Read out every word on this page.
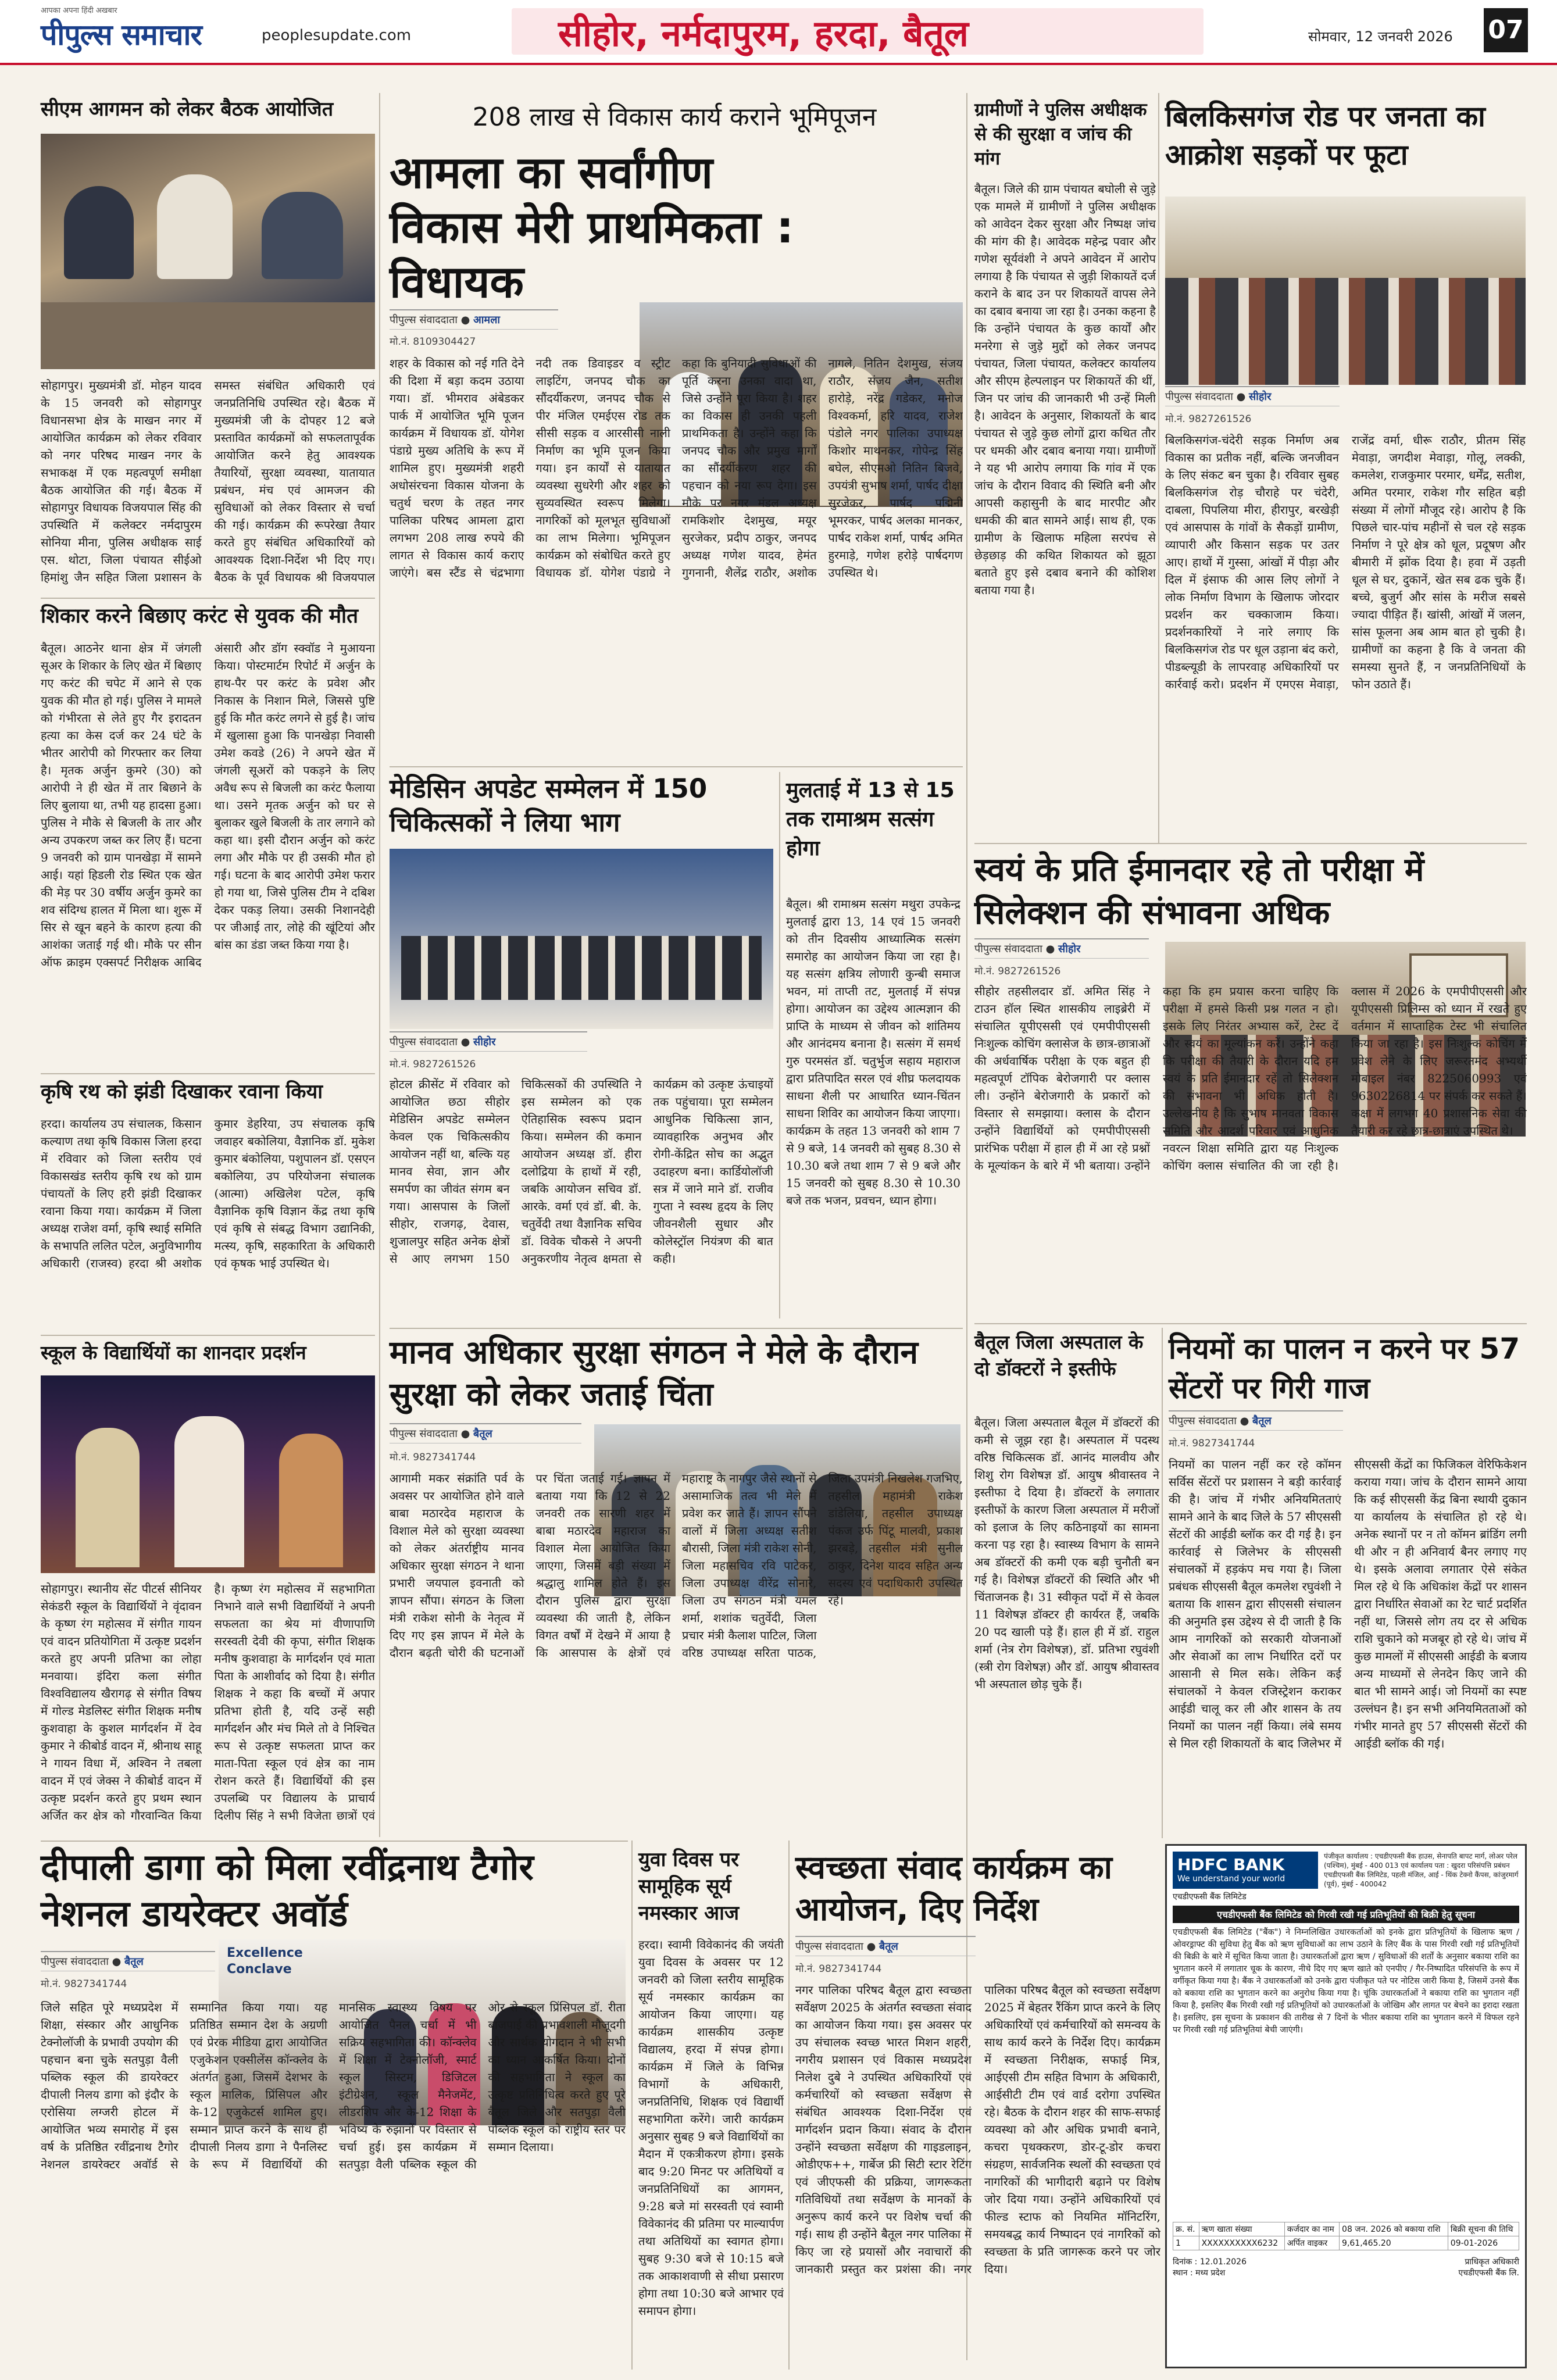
आपका अपना हिंदी अखबार
पीपुल्स समाचार	peoplesupdate.com	सीहोर, नर्मदापुरम, हरदा, बैतूल	सोमवार, 12 जनवरी 2026 07
सीएम आगमन को लेकर बैठक आयोजित
सोहागपुर। मुख्यमंत्री डॉ. मोहन यादव के 15 जनवरी को सोहागपुर विधानसभा क्षेत्र के माखन नगर में आयोजित कार्यक्रम को लेकर रविवार को नगर परिषद माखन नगर के सभाकक्ष में एक महत्वपूर्ण समीक्षा बैठक आयोजित की गई। बैठक में सोहागपुर विधायक विजयपाल सिंह की उपस्थिति में कलेक्टर नर्मदापुरम सोनिया मीना, पुलिस अधीक्षक साई एस. थोटा, जिला पंचायत सीईओ हिमांशु जैन सहित जिला प्रशासन के समस्त संबंधित अधिकारी एवं जनप्रतिनिधि उपस्थित रहे। बैठक में मुख्यमंत्री जी के दोपहर 12 बजे प्रस्तावित कार्यक्रमों को सफलतापूर्वक आयोजित करने हेतु आवश्यक तैयारियों, सुरक्षा व्यवस्था, यातायात प्रबंधन, मंच एवं आमजन की सुविधाओं को लेकर विस्तार से चर्चा की गई। कार्यक्रम की रूपरेखा तैयार करते हुए संबंधित अधिकारियों को आवश्यक दिशा-निर्देश भी दिए गए। बैठक के पूर्व विधायक श्री विजयपाल
शिकार करने बिछाए करंट से युवक की मौत
बैतूल। आठनेर थाना क्षेत्र में जंगली सूअर के शिकार के लिए खेत में बिछाए गए करंट की चपेट में आने से एक युवक की मौत हो गई। पुलिस ने मामले को गंभीरता से लेते हुए गैर इरादतन हत्या का केस दर्ज कर 24 घंटे के भीतर आरोपी को गिरफ्तार कर लिया है। मृतक अर्जुन कुमरे (30) को आरोपी ने ही खेत में तार बिछाने के लिए बुलाया था, तभी यह हादसा हुआ। पुलिस ने मौके से बिजली के तार और अन्य उपकरण जब्त कर लिए हैं। घटना 9 जनवरी को ग्राम पानखेड़ा में सामने आई। यहां हिडली रोड स्थित एक खेत की मेड़ पर 30 वर्षीय अर्जुन कुमरे का शव संदिग्ध हालत में मिला था। शुरू में सिर से खून बहने के कारण हत्या की आशंका जताई गई थी। मौके पर सीन ऑफ क्राइम एक्सपर्ट निरीक्षक आबिद अंसारी और डॉग स्क्वॉड ने मुआयना किया। पोस्टमार्टम रिपोर्ट में अर्जुन के हाथ-पैर पर करंट के प्रवेश और निकास के निशान मिले, जिससे पुष्टि हुई कि मौत करंट लगने से हुई है। जांच में खुलासा हुआ कि पानखेड़ा निवासी उमेश कवडे (26) ने अपने खेत में जंगली सूअरों को पकड़ने के लिए अवैध रूप से बिजली का करंट फैलाया था। उसने मृतक अर्जुन को घर से बुलाकर खुले बिजली के तार लगाने को कहा था। इसी दौरान अर्जुन को करंट लगा और मौके पर ही उसकी मौत हो गई। घटना के बाद आरोपी उमेश फरार हो गया था, जिसे पुलिस टीम ने दबिश देकर पकड़ लिया। उसकी निशानदेही पर जीआई तार, लोहे की खूंटियां और बांस का डंडा जब्त किया गया है।
कृषि रथ को झंडी दिखाकर रवाना किया
हरदा। कार्यालय उप संचालक, किसान कल्याण तथा कृषि विकास जिला हरदा में रविवार को जिला स्तरीय एवं विकासखंड स्तरीय कृषि रथ को ग्राम पंचायतों के लिए हरी झंडी दिखाकर रवाना किया गया। कार्यक्रम में जिला अध्यक्ष राजेश वर्मा, कृषि स्थाई समिति के सभापति ललित पटेल, अनुविभागीय अधिकारी (राजस्व) हरदा श्री अशोक कुमार डेहरिया, उप संचालक कृषि जवाहर बकोलिया, वैज्ञानिक डॉ. मुकेश कुमार बंकोलिया, पशुपालन डॉ. एसएन बकोलिया, उप परियोजना संचालक (आत्मा) अखिलेश पटेल, कृषि वैज्ञानिक कृषि विज्ञान केंद्र तथा कृषि एवं कृषि से संबद्ध विभाग उद्यानिकी, मत्स्य, कृषि, सहकारिता के अधिकारी एवं कृषक भाई उपस्थित थे।
स्कूल के विद्यार्थियों का शानदार प्रदर्शन
सोहागपुर। स्थानीय सेंट पीटर्स सीनियर सेकंडरी स्कूल के विद्यार्थियों ने वृंदावन के कृष्ण रंग महोत्सव में संगीत गायन एवं वादन प्रतियोगिता में उत्कृष्ट प्रदर्शन करते हुए अपनी प्रतिभा का लोहा मनवाया। इंदिरा कला संगीत विश्वविद्यालय खैरागढ़ से संगीत विषय में गोल्ड मेडलिस्ट संगीत शिक्षक मनीष कुशवाहा के कुशल मार्गदर्शन में देव कुमार ने कीबोर्ड वादन में, श्रीनाथ साहू ने गायन विधा में, अश्विन ने तबला वादन में एवं जेक्स ने कीबोर्ड वादन में उत्कृष्ट प्रदर्शन करते हुए प्रथम स्थान अर्जित कर क्षेत्र को गौरवान्वित किया है। कृष्ण रंग महोत्सव में सहभागिता निभाने वाले सभी विद्यार्थियों ने अपनी सफलता का श्रेय मां वीणापाणि सरस्वती देवी की कृपा, संगीत शिक्षक मनीष कुशवाहा के मार्गदर्शन एवं माता पिता के आशीर्वाद को दिया है। संगीत शिक्षक ने कहा कि बच्चों में अपार प्रतिभा होती है, यदि उन्हें सही मार्गदर्शन और मंच मिले तो वे निश्चित रूप से उत्कृष्ट सफलता प्राप्त कर माता-पिता स्कूल एवं क्षेत्र का नाम रोशन करते हैं। विद्यार्थियों की इस उपलब्धि पर विद्यालय के प्राचार्य दिलीप सिंह ने सभी विजेता छात्रों एवं
208 लाख से विकास कार्य कराने भूमिपूजन
आमला का सर्वांगीण विकास मेरी प्राथमिकता : विधायक
पीपुल्स संवाददाता ● आमला
मो.नं. 8109304427
शहर के विकास को नई गति देने की दिशा में बड़ा कदम उठाया गया। डॉ. भीमराव अंबेडकर पार्क में आयोजित भूमि पूजन कार्यक्रम में विधायक डॉ. योगेश पंडाग्रे मुख्य अतिथि के रूप में शामिल हुए। मुख्यमंत्री शहरी अधोसंरचना विकास योजना के चतुर्थ चरण के तहत नगर पालिका परिषद आमला द्वारा लगभग 208 लाख रुपये की लागत से विकास कार्य कराए जाएंगे। बस स्टैंड से चंद्रभागा नदी तक डिवाइडर व स्ट्रीट लाइटिंग, जनपद चौक का सौंदर्यीकरण, जनपद चौक से पीर मंजिल एमईएस रोड तक सीसी सड़क व आरसीसी नाली निर्माण का भूमि पूजन किया गया। इन कार्यों से यातायात व्यवस्था सुधरेगी और शहर को सुव्यवस्थित स्वरूप मिलेगा। नागरिकों को मूलभूत सुविधाओं का लाभ मिलेगा। भूमिपूजन कार्यक्रम को संबोधित करते हुए विधायक डॉ. योगेश पंडाग्रे ने कहा कि बुनियादी सुविधाओं की पूर्ति करना उनका वादा था, जिसे उन्होंने पूरा किया है। शहर का विकास ही उनकी पहली प्राथमिकता है। उन्होंने कहा कि जनपद चौक और प्रमुख मार्गों का सौंदर्यीकरण शहर की पहचान को नया रूप देगा। इस मौके पर नगर मंडल अध्यक्ष रामकिशोर देशमुख, मयूर सुरजेकर, प्रदीप ठाकुर, जनपद अध्यक्ष गणेश यादव, हेमंत गुगनानी, शैलेंद्र राठौर, अशोक नागले, नितिन देशमुख, संजय राठौर, संजय जैन, सतीश हारोड़े, नरेंद्र गडेकर, मनोज विश्वकर्मा, हरि यादव, राजेश पंडोले नगर पालिका उपाध्यक्ष किशोर माथनकर, गोपेन्द्र सिंह बघेल, सीएमओ नितिन बिजवे, उपयंत्री सुभाष शर्मा, पार्षद दीक्षा सुरजेकर, पार्षद पद्मिनी भूमरकर, पार्षद अलका मानकर, पार्षद राकेश शर्मा, पार्षद अमित हुरमाड़े, गणेश हरोड़े पार्षदगण उपस्थित थे।
मेडिसिन अपडेट सम्मेलन में 150 चिकित्सकों ने लिया भाग
पीपुल्स संवाददाता ● सीहोर
मो.नं. 9827261526
होटल क्रीसेंट में रविवार को आयोजित छठा सीहोर मेडिसिन अपडेट सम्मेलन केवल एक चिकित्सकीय आयोजन नहीं था, बल्कि यह मानव सेवा, ज्ञान और समर्पण का जीवंत संगम बन गया। आसपास के जिलों सीहोर, राजगढ़, देवास, शुजालपुर सहित अनेक क्षेत्रों से आए लगभग 150 चिकित्सकों की उपस्थिति ने इस सम्मेलन को एक ऐतिहासिक स्वरूप प्रदान किया। सम्मेलन की कमान आयोजन अध्यक्ष डॉ. हीरा दलोद्रिया के हाथों में रही, जबकि आयोजन सचिव डॉ. आरके. वर्मा एवं डॉ. बी. के. चतुर्वेदी तथा वैज्ञानिक सचिव डॉ. विवेक चौकसे ने अपनी अनुकरणीय नेतृत्व क्षमता से कार्यक्रम को उत्कृष्ट ऊंचाइयों तक पहुंचाया। पूरा सम्मेलन आधुनिक चिकित्सा ज्ञान, व्यावहारिक अनुभव और रोगी-केंद्रित सोच का अद्भुत उदाहरण बना। कार्डियोलॉजी सत्र में जाने माने डॉ. राजीव गुप्ता ने स्वस्थ हृदय के लिए जीवनशैली सुधार और कोलेस्ट्रॉल नियंत्रण की बात कही।
मुलताई में 13 से 15 तक रामाश्रम सत्संग होगा
बैतूल। श्री रामाश्रम सत्संग मथुरा उपकेन्द्र मुलताई द्वारा 13, 14 एवं 15 जनवरी को तीन दिवसीय आध्यात्मिक सत्संग समारोह का आयोजन किया जा रहा है। यह सत्संग क्षत्रिय लोणारी कुन्बी समाज भवन, मां ताप्ती तट, मुलताई में संपन्न होगा। आयोजन का उद्देश्य आत्मज्ञान की प्राप्ति के माध्यम से जीवन को शांतिमय और आनंदमय बनाना है। सत्संग में समर्थ गुरु परमसंत डॉ. चतुर्भुज सहाय महाराज द्वारा प्रतिपादित सरल एवं शीघ्र फलदायक साधना शैली पर आधारित ध्यान-चिंतन साधना शिविर का आयोजन किया जाएगा। कार्यक्रम के तहत 13 जनवरी को शाम 7 से 9 बजे, 14 जनवरी को सुबह 8.30 से 10.30 बजे तथा शाम 7 से 9 बजे और 15 जनवरी को सुबह 8.30 से 10.30 बजे तक भजन, प्रवचन, ध्यान होगा।
मानव अधिकार सुरक्षा संगठन ने मेले के दौरान सुरक्षा को लेकर जताई चिंता
पीपुल्स संवाददाता ● बैतूल
मो.नं. 9827341744
आगामी मकर संक्रांति पर्व के अवसर पर आयोजित होने वाले बाबा मठारदेव महाराज के विशाल मेले को सुरक्षा व्यवस्था को लेकर अंतर्राष्ट्रीय मानव अधिकार सुरक्षा संगठन ने थाना प्रभारी जयपाल इवनाती को ज्ञापन सौंपा। संगठन के जिला मंत्री राकेश सोनी के नेतृत्व में दिए गए इस ज्ञापन में मेले के दौरान बढ़ती चोरी की घटनाओं पर चिंता जताई गई। ज्ञापन में बताया गया कि 12 से 22 जनवरी तक सारणी शहर में बाबा मठारदेव महाराज का विशाल मेला आयोजित किया जाएगा, जिसमें बड़ी संख्या में श्रद्धालु शामिल होते हैं। इस दौरान पुलिस द्वारा सुरक्षा व्यवस्था की जाती है, लेकिन विगत वर्षों में देखने में आया है कि आसपास के क्षेत्रों एवं महाराष्ट्र के नागपुर जैसे स्थानों से असामाजिक तत्व भी मेले में प्रवेश कर जाते हैं। ज्ञापन सौंपने वालों में जिला अध्यक्ष सतीश बौरासी, जिला मंत्री राकेश सोनी, जिला महासचिव रवि पाटेकर, जिला उपाध्यक्ष वीरेंद्र सोनारे, जिला उप संगठन मंत्री यमल शर्मा, शशांक चतुर्वेदी, जिला प्रचार मंत्री कैलाश पाटिल, जिला वरिष्ठ उपाध्यक्ष सरिता पाठक, जिला उपमंत्री निखलेश गजभिए, तहसील महामंत्री राकेश डांडेलिया, तहसील उपाध्यक्ष पंकज उर्फ पिंटू मालवी, प्रकाश झरबड़े, तहसील मंत्री सुनील ठाकुर, दिनेश यादव सहित अन्य सदस्य एवं पदाधिकारी उपस्थित रहे।
दीपाली डागा को मिला रवींद्रनाथ टैगोर नेशनल डायरेक्टर अवॉर्ड
पीपुल्स संवाददाता ● बैतूल
मो.नं. 9827341744
Excellence Conclave
जिले सहित पूरे मध्यप्रदेश में शिक्षा, संस्कार और आधुनिक टेक्नोलॉजी के प्रभावी उपयोग की पहचान बना चुके सतपुड़ा वैली पब्लिक स्कूल की डायरेक्टर दीपाली निलय डागा को इंदौर के एरोसिया लग्जरी होटल में आयोजित भव्य समारोह में इस वर्ष के प्रतिष्ठित रवींद्रनाथ टैगोर नेशनल डायरेक्टर अवॉर्ड से सम्मानित किया गया। यह प्रतिष्ठित सम्मान देश के अग्रणी एवं प्रेरक मीडिया द्वारा आयोजित एजुकेशन एक्सीलेंस कॉन्क्लेव के अंतर्गत हुआ, जिसमें देशभर के स्कूल मालिक, प्रिंसिपल और के-12 एजुकेटर्स शामिल हुए। सम्मान प्राप्त करने के साथ ही दीपाली निलय डागा ने पैनलिस्ट के रूप में विद्यार्थियों की मानसिक स्वास्थ्य विषय पर आयोजित पैनल चर्चा में भी सक्रिय सहभागिता की। कॉन्क्लेव में शिक्षा में टेक्नोलॉजी, स्मार्ट स्कूल सिस्टम, डिजिटल इंटीग्रेशन, स्कूल मैनेजमेंट, लीडरशिप और के-12 शिक्षा के भविष्य के रुझानों पर विस्तार से चर्चा हुई। इस कार्यक्रम में सतपुड़ा वैली पब्लिक स्कूल की ओर से स्कूल प्रिंसिपल डॉ. रीता बाजपाई की प्रभावशाली मौजूदगी और सार्थक योगदान ने भी सभी का ध्यान आकर्षित किया। दोनों की सहभागिता ने स्कूल का उत्कृष्ट प्रतिनिधित्व करते हुए पूरे बैतूल जिले और सतपुड़ा वैली पब्लिक स्कूल को राष्ट्रीय स्तर पर सम्मान दिलाया।
युवा दिवस पर सामूहिक सूर्य नमस्कार आज
हरदा। स्वामी विवेकानंद की जयंती युवा दिवस के अवसर पर 12 जनवरी को जिला स्तरीय सामूहिक सूर्य नमस्कार कार्यक्रम का आयोजन किया जाएगा। यह कार्यक्रम शासकीय उत्कृष्ट विद्यालय, हरदा में संपन्न होगा। कार्यक्रम में जिले के विभिन्न विभागों के अधिकारी, जनप्रतिनिधि, शिक्षक एवं विद्यार्थी सहभागिता करेंगे। जारी कार्यक्रम अनुसार सुबह 9 बजे विद्यार्थियों का मैदान में एकत्रीकरण होगा। इसके बाद 9:20 मिनट पर अतिथियों व जनप्रतिनिधियों का आगमन, 9:28 बजे मां सरस्वती एवं स्वामी विवेकानंद की प्रतिमा पर माल्यार्पण तथा अतिथियों का स्वागत होगा। सुबह 9:30 बजे से 10:15 बजे तक आकाशवाणी से सीधा प्रसारण होगा तथा 10:30 बजे आभार एवं समापन होगा।
स्वच्छता संवाद कार्यक्रम का आयोजन, दिए निर्देश
पीपुल्स संवाददाता ● बैतूल
मो.नं. 9827341744
नगर पालिका परिषद बैतूल द्वारा स्वच्छता सर्वेक्षण 2025 के अंतर्गत स्वच्छता संवाद का आयोजन किया गया। इस अवसर पर उप संचालक स्वच्छ भारत मिशन शहरी, नगरीय प्रशासन एवं विकास मध्यप्रदेश निलेश दुबे ने उपस्थित अधिकारियों एवं कर्मचारियों को स्वच्छता सर्वेक्षण से संबंधित आवश्यक दिशा-निर्देश एवं मार्गदर्शन प्रदान किया। संवाद के दौरान उन्होंने स्वच्छता सर्वेक्षण की गाइडलाइन, ओडीएफ++, गार्बेज फ्री सिटी स्टार रेटिंग एवं जीएफसी की प्रक्रिया, जागरूकता गतिविधियों तथा सर्वेक्षण के मानकों के अनुरूप कार्य करने पर विशेष चर्चा की गई। साथ ही उन्होंने बैतूल नगर पालिका में किए जा रहे प्रयासों और नवाचारों की जानकारी प्रस्तुत कर प्रशंसा की। नगर पालिका परिषद बैतूल को स्वच्छता सर्वेक्षण 2025 में बेहतर रैंकिंग प्राप्त करने के लिए अधिकारियों एवं कर्मचारियों को समन्वय के साथ कार्य करने के निर्देश दिए। कार्यक्रम में स्वच्छता निरीक्षक, सफाई मित्र, आईएसी टीम सहित विभाग के अधिकारी, आईसीटी टीम एवं वार्ड दरोगा उपस्थित रहे। बैठक के दौरान शहर की साफ-सफाई व्यवस्था को और अधिक प्रभावी बनाने, कचरा पृथक्करण, डोर-टू-डोर कचरा संग्रहण, सार्वजनिक स्थलों की स्वच्छता एवं नागरिकों की भागीदारी बढ़ाने पर विशेष जोर दिया गया। उन्होंने अधिकारियों एवं फील्ड स्टाफ को नियमित मॉनिटरिंग, समयबद्ध कार्य निष्पादन एवं नागरिकों को स्वच्छता के प्रति जागरूक करने पर जोर दिया।
ग्रामीणों ने पुलिस अधीक्षक से की सुरक्षा व जांच की मांग
बैतूल। जिले की ग्राम पंचायत बघोली से जुड़े एक मामले में ग्रामीणों ने पुलिस अधीक्षक को आवेदन देकर सुरक्षा और निष्पक्ष जांच की मांग की है। आवेदक महेन्द्र पवार और गणेश सूर्यवंशी ने अपने आवेदन में आरोप लगाया है कि पंचायत से जुड़ी शिकायतें दर्ज कराने के बाद उन पर शिकायतें वापस लेने का दबाव बनाया जा रहा है। उनका कहना है कि उन्होंने पंचायत के कुछ कार्यों और मनरेगा से जुड़े मुद्दों को लेकर जनपद पंचायत, जिला पंचायत, कलेक्टर कार्यालय और सीएम हेल्पलाइन पर शिकायतें की थीं, जिन पर जांच की जानकारी भी उन्हें मिली है। आवेदन के अनुसार, शिकायतों के बाद पंचायत से जुड़े कुछ लोगों द्वारा कथित तौर पर धमकी और दबाव बनाया गया। ग्रामीणों ने यह भी आरोप लगाया कि गांव में एक जांच के दौरान विवाद की स्थिति बनी और आपसी कहासुनी के बाद मारपीट और धमकी की बात सामने आई। साथ ही, एक ग्रामीण के खिलाफ महिला सरपंच से छेड़छाड़ की कथित शिकायत को झूठा बताते हुए इसे दबाव बनाने की कोशिश बताया गया है।
बिलकिसगंज रोड पर जनता का आक्रोश सड़कों पर फूटा
पीपुल्स संवाददाता ● सीहोर
मो.नं. 9827261526
बिलकिसगंज-चंदेरी सड़क निर्माण अब विकास का प्रतीक नहीं, बल्कि जनजीवन के लिए संकट बन चुका है। रविवार सुबह बिलकिसगंज रोड़ चौराहे पर चंदेरी, दाबला, पिपलिया मीरा, हीरापुर, बरखेड़ी एवं आसपास के गांवों के सैकड़ों ग्रामीण, व्यापारी और किसान सड़क पर उतर आए। हाथों में गुस्सा, आंखों में पीड़ा और दिल में इंसाफ की आस लिए लोगों ने लोक निर्माण विभाग के खिलाफ जोरदार प्रदर्शन कर चक्काजाम किया। प्रदर्शनकारियों ने नारे लगाए कि बिलकिसगंज रोड पर धूल उड़ाना बंद करो, पीडब्ल्यूडी के लापरवाह अधिकारियों पर कार्रवाई करो। प्रदर्शन में एमएस मेवाड़ा, राजेंद्र वर्मा, धीरू राठौर, प्रीतम सिंह मेवाड़ा, जगदीश मेवाड़ा, गोलू, लक्की, कमलेश, राजकुमार परमार, धर्मेंद्र, सतीश, अमित परमार, राकेश गौर सहित बड़ी संख्या में लोगों मौजूद रहे। आरोप है कि पिछले चार-पांच महीनों से चल रहे सड़क निर्माण ने पूरे क्षेत्र को धूल, प्रदूषण और बीमारी में झोंक दिया है। हवा में उड़ती धूल से घर, दुकानें, खेत सब ढक चुके हैं। बच्चे, बुजुर्ग और सांस के मरीज सबसे ज्यादा पीड़ित हैं। खांसी, आंखों में जलन, सांस फूलना अब आम बात हो चुकी है। ग्रामीणों का कहना है कि वे जनता की समस्या सुनते हैं, न जनप्रतिनिधियों के फोन उठाते हैं।
स्वयं के प्रति ईमानदार रहे तो परीक्षा में सिलेक्शन की संभावना अधिक
पीपुल्स संवाददाता ● सीहोर
मो.नं. 9827261526
सीहोर तहसीलदार डॉ. अमित सिंह ने टाउन हॉल स्थित शासकीय लाइब्रेरी में संचालित यूपीएससी एवं एमपीपीएससी निःशुल्क कोचिंग क्लासेज के छात्र-छात्राओं की अर्धवार्षिक परीक्षा के एक बहुत ही महत्वपूर्ण टॉपिक बेरोजगारी पर क्लास ली। उन्होंने बेरोजगारी के प्रकारों को विस्तार से समझाया। क्लास के दौरान उन्होंने विद्यार्थियों को एमपीपीएससी प्रारंभिक परीक्षा में हाल ही में आ रहे प्रश्नों के मूल्यांकन के बारे में भी बताया। उन्होंने कहा कि हम प्रयास करना चाहिए कि परीक्षा में हमसे किसी प्रश्न गलत न हो। इसके लिए निरंतर अभ्यास करें, टेस्ट दें और स्वयं का मूल्यांकन करें। उन्होंने कहा कि परीक्षा की तैयारी के दौरान यदि हम स्वयं के प्रति ईमानदार रहें तो सिलेक्शन की संभावना भी अधिक होती है। उल्लेखनीय है कि सुभाष मानवता विकास समिति और आदर्श परिवार एवं आधुनिक नवरत्न शिक्षा समिति द्वारा यह निःशुल्क कोचिंग क्लास संचालित की जा रही है। क्लास में 2026 के एमपीपीएससी और यूपीएससी प्रिलिम्स को ध्यान में रखते हुए वर्तमान में साप्ताहिक टेस्ट भी संचालित किया जा रहा है। इस निःशुल्क कोचिंग में प्रवेश लेने के लिए जरूरतमंद अभ्यर्थी मोबाइल नंबर 8225060993 एवं 9630226814 पर संपर्क कर सकते हैं। कक्षा में लगभग 40 प्रशासनिक सेवा की तैयारी कर रहे छात्र-छात्राएं उपस्थित थे।
बैतूल जिला अस्पताल के दो डॉक्टरों ने इस्तीफे
बैतूल। जिला अस्पताल बैतूल में डॉक्टरों की कमी से जूझ रहा है। अस्पताल में पदस्थ वरिष्ठ चिकित्सक डॉ. आनंद मालवीय और शिशु रोग विशेषज्ञ डॉ. आयुष श्रीवास्तव ने इस्तीफा दे दिया है। डॉक्टरों के लगातार इस्तीफों के कारण जिला अस्पताल में मरीजों को इलाज के लिए कठिनाइयों का सामना करना पड़ रहा है। स्वास्थ्य विभाग के सामने अब डॉक्टरों की कमी एक बड़ी चुनौती बन गई है। विशेषज्ञ डॉक्टरों की स्थिति और भी चिंताजनक है। 31 स्वीकृत पदों में से केवल 11 विशेषज्ञ डॉक्टर ही कार्यरत हैं, जबकि 20 पद खाली पड़े हैं। हाल ही में डॉ. राहुल शर्मा (नेत्र रोग विशेषज्ञ), डॉ. प्रतिभा रघुवंशी (स्त्री रोग विशेषज्ञ) और डॉ. आयुष श्रीवास्तव भी अस्पताल छोड़ चुके हैं।
नियमों का पालन न करने पर 57 सेंटरों पर गिरी गाज
पीपुल्स संवाददाता ● बैतूल
मो.नं. 9827341744
नियमों का पालन नहीं कर रहे कॉमन सर्विस सेंटरों पर प्रशासन ने बड़ी कार्रवाई की है। जांच में गंभीर अनियमितताएं सामने आने के बाद जिले के 57 सीएससी सेंटरों की आईडी ब्लॉक कर दी गई है। इन कार्रवाई से जिलेभर के सीएससी संचालकों में हड़कंप मच गया है। जिला प्रबंधक सीएससी बैतूल कमलेश रघुवंशी ने बताया कि शासन द्वारा सीएससी संचालन की अनुमति इस उद्देश्य से दी जाती है कि आम नागरिकों को सरकारी योजनाओं और सेवाओं का लाभ निर्धारित दरों पर आसानी से मिल सके। लेकिन कई संचालकों ने केवल रजिस्ट्रेशन कराकर आईडी चालू कर ली और शासन के तय नियमों का पालन नहीं किया। लंबे समय से मिल रही शिकायतों के बाद जिलेभर में सीएससी केंद्रों का फिजिकल वेरिफिकेशन कराया गया। जांच के दौरान सामने आया कि कई सीएससी केंद्र बिना स्थायी दुकान या कार्यालय के संचालित हो रहे थे। अनेक स्थानों पर न तो कॉमन ब्रांडिंग लगी थी और न ही अनिवार्य बैनर लगाए गए थे। इसके अलावा लगातार ऐसे संकेत मिल रहे थे कि अधिकांश केंद्रों पर शासन द्वारा निर्धारित सेवाओं का रेट चार्ट प्रदर्शित नहीं था, जिससे लोग तय दर से अधिक राशि चुकाने को मजबूर हो रहे थे। जांच में कुछ मामलों में सीएससी आईडी के बजाय अन्य माध्यमों से लेनदेन किए जाने की बात भी सामने आई। जो नियमों का स्पष्ट उल्लंघन है। इन सभी अनियमितताओं को गंभीर मानते हुए 57 सीएससी सेंटरों की आईडी ब्लॉक की गई।
HDFC BANK
We understand your world
पंजीकृत कार्यालय : एचडीएफसी बैंक हाउस, सेनापति बापट मार्ग, लोअर परेल (पश्चिम), मुंबई - 400 013 एवं कार्यालय पता : खुदरा परिसंपत्ति प्रबंधन एचडीएफसी बैंक लिमिटेड, पहली मंजिल, आई - थिंक टेक्नो कैंपस, कांजुरमार्ग (पूर्व), मुंबई - 400042
एचडीएफसी बैंक लिमिटेड
एचडीएफसी बैंक लिमिटेड को गिरवी रखी गई प्रतिभूतियों की बिक्री हेतु सूचना
एचडीएफसी बैंक लिमिटेड ("बैंक") ने निम्नलिखित उधारकर्ताओं को इनके द्वारा प्रतिभूतियों के खिलाफ ऋण / ओवरड्राफ्ट की सुविधा हेतु बैंक को ऋण सुविधाओं का लाभ उठाने के लिए बैंक के पास गिरवी रखी गई प्रतिभूतियों की बिक्री के बारे में सूचित किया जाता है। उधारकर्ताओं द्वारा ऋण / सुविधाओं की शर्तों के अनुसार बकाया राशि का भुगतान करने में लगातार चूक के कारण, नीचे दिए गए ऋण खाते को एनपीए / गैर-निष्पादित परिसंपत्ति के रूप में वर्गीकृत किया गया है। बैंक ने उधारकर्ताओं को उनके द्वारा पंजीकृत पते पर नोटिस जारी किया है, जिसमें उनसे बैंक को बकाया राशि का भुगतान करने का अनुरोध किया गया है। चूंकि उधारकर्ताओं ने बकाया राशि का भुगतान नहीं किया है, इसलिए बैंक गिरवी रखी गई प्रतिभूतियों को उधारकर्ताओं के जोखिम और लागत पर बेचने का इरादा रखता है। इसलिए, इस सूचना के प्रकाशन की तारीख से 7 दिनों के भीतर बकाया राशि का भुगतान करने में विफल रहने पर गिरवी रखी गई प्रतिभूतियां बेची जाएंगी।
क्र. सं.	ऋण खाता संख्या	कर्जदार का नाम	08 जन. 2026 को बकाया राशि	बिक्री सूचना की तिथि
1	XXXXXXXXXX6232	अर्पित वाइकर	9,61,465.20	09-01-2026
दिनांक : 12.01.2026
स्थान : मध्य प्रदेश
प्राधिकृत अधिकारी
एचडीएफसी बैंक लि.
